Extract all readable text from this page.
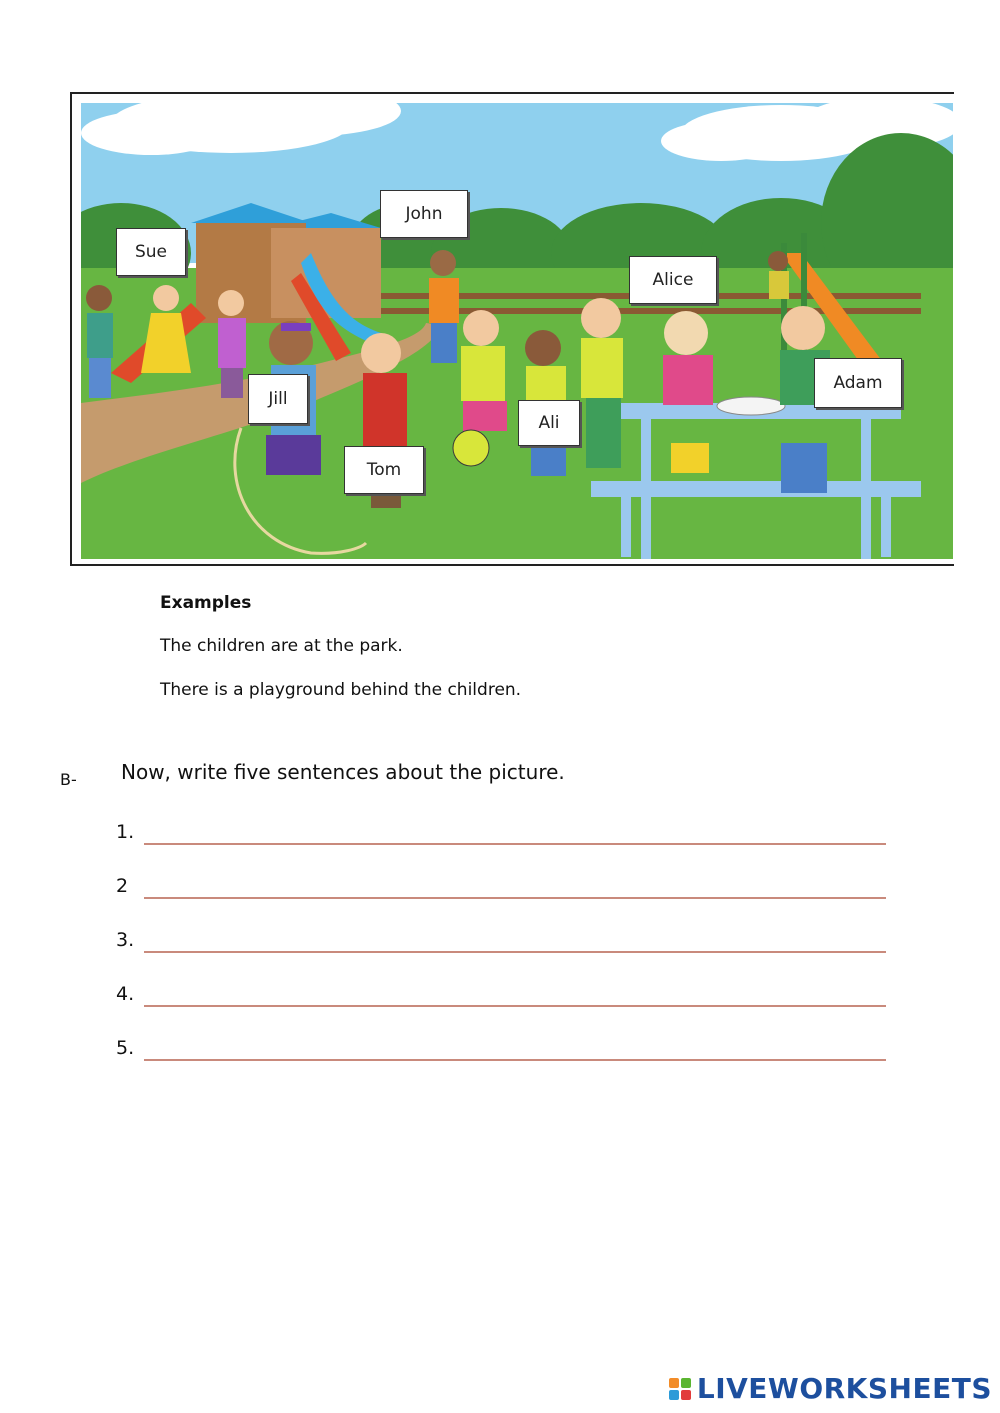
Sue
John
Alice
Jill
Tom
Ali
Adam
Examples
The children are at the park.
There is a playground behind the children.
B- Now, write five sentences about the picture.
1.
2
3.
4.
5.
LIVEWORKSHEETS
